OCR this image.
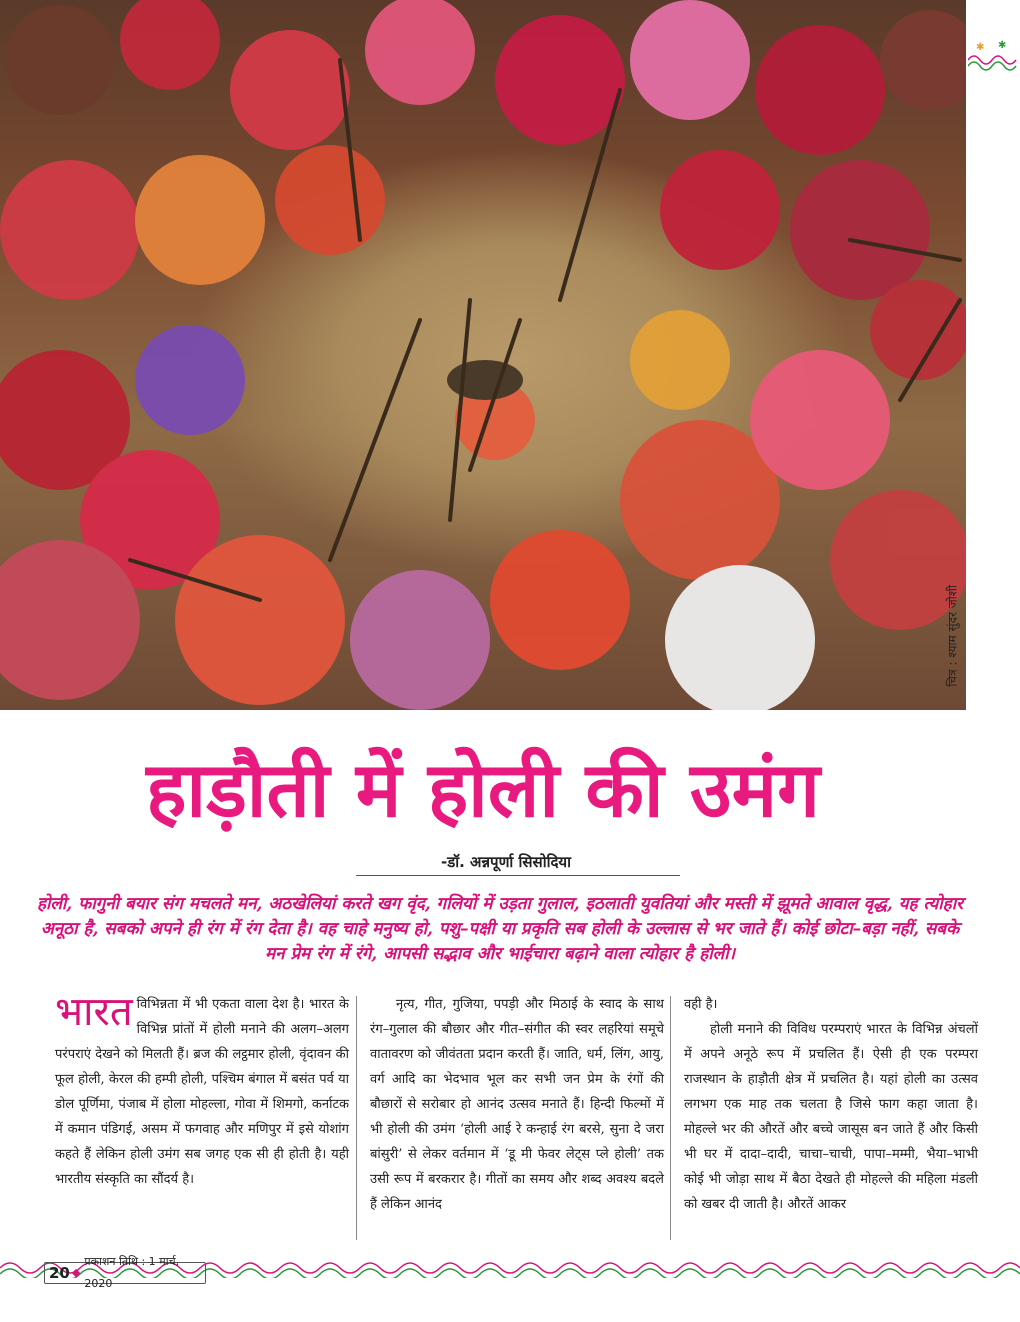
चित्र : श्याम सुंदर जोशी
✱ ✱
हाड़ौती में होली की उमंग
-डॉ. अन्नपूर्णा सिसोदिया
होली, फागुनी बयार संग मचलते मन, अठखेलियां करते खग वृंद, गलियों में उड़ता गुलाल, इठलाती युवतियां और मस्ती में झूमते आवाल वृद्ध, यह त्योहार अनूठा है, सबको अपने ही रंग में रंग देता है। वह चाहे मनुष्य हो, पशु–पक्षी या प्रकृति सब होली के उल्लास से भर जाते हैं। कोई छोटा–बड़ा नहीं, सबके मन प्रेम रंग में रंगे, आपसी सद्भाव और भाईचारा बढ़ाने वाला त्योहार है होली।

भारत विभिन्नता में भी एकता वाला देश है। भारत के विभिन्न प्रांतों में होली मनाने की अलग–अलग परंपराएं देखने को मिलती हैं। ब्रज की लट्ठमार होली, वृंदावन की फूल होली, केरल की हम्पी होली, पश्चिम बंगाल में बसंत पर्व या डोल पूर्णिमा, पंजाब में होला मोहल्ला, गोवा में शिमगो, कर्नाटक में कमान पंडिगई, असम में फगवाह और मणिपुर में इसे योशांग कहते हैं लेकिन होली उमंग सब जगह एक सी ही होती है। यही भारतीय संस्कृति का सौंदर्य है।

नृत्य, गीत, गुजिया, पपड़ी और मिठाई के स्वाद के साथ रंग–गुलाल की बौछार और गीत–संगीत की स्वर लहरियां समूचे वातावरण को जीवंतता प्रदान करती हैं। जाति, धर्म, लिंग, आयु, वर्ग आदि का भेदभाव भूल कर सभी जन प्रेम के रंगों की बौछारों से सरोबार हो आनंद उत्सव मनाते हैं। हिन्दी फिल्मों में भी होली की उमंग ‘होली आई रे कन्हाई रंग बरसे, सुना दे जरा बांसुरी’ से लेकर वर्तमान में ‘डू मी फेवर लेट्स प्ले होली’ तक उसी रूप में बरकरार है। गीतों का समय और शब्द अवश्य बदले हैं लेकिन आनंद

वही है।

होली मनाने की विविध परम्पराएं भारत के विभिन्न अंचलों में अपने अनूठे रूप में प्रचलित हैं। ऐसी ही एक परम्परा राजस्थान के हाड़ौती क्षेत्र में प्रचलित है। यहां होली का उत्सव लगभग एक माह तक चलता है जिसे फाग कहा जाता है। मोहल्ले भर की औरतें और बच्चे जासूस बन जाते हैं और किसी भी घर में दादा–दादी, चाचा–चाची, पापा–मम्मी, भैया–भाभी कोई भी जोड़ा साथ में बैठा देखते ही मोहल्ले की महिला मंडली को खबर दी जाती है। औरतें आकर

20 ◆
प्रकाशन तिथि : 1 मार्च, 2020
